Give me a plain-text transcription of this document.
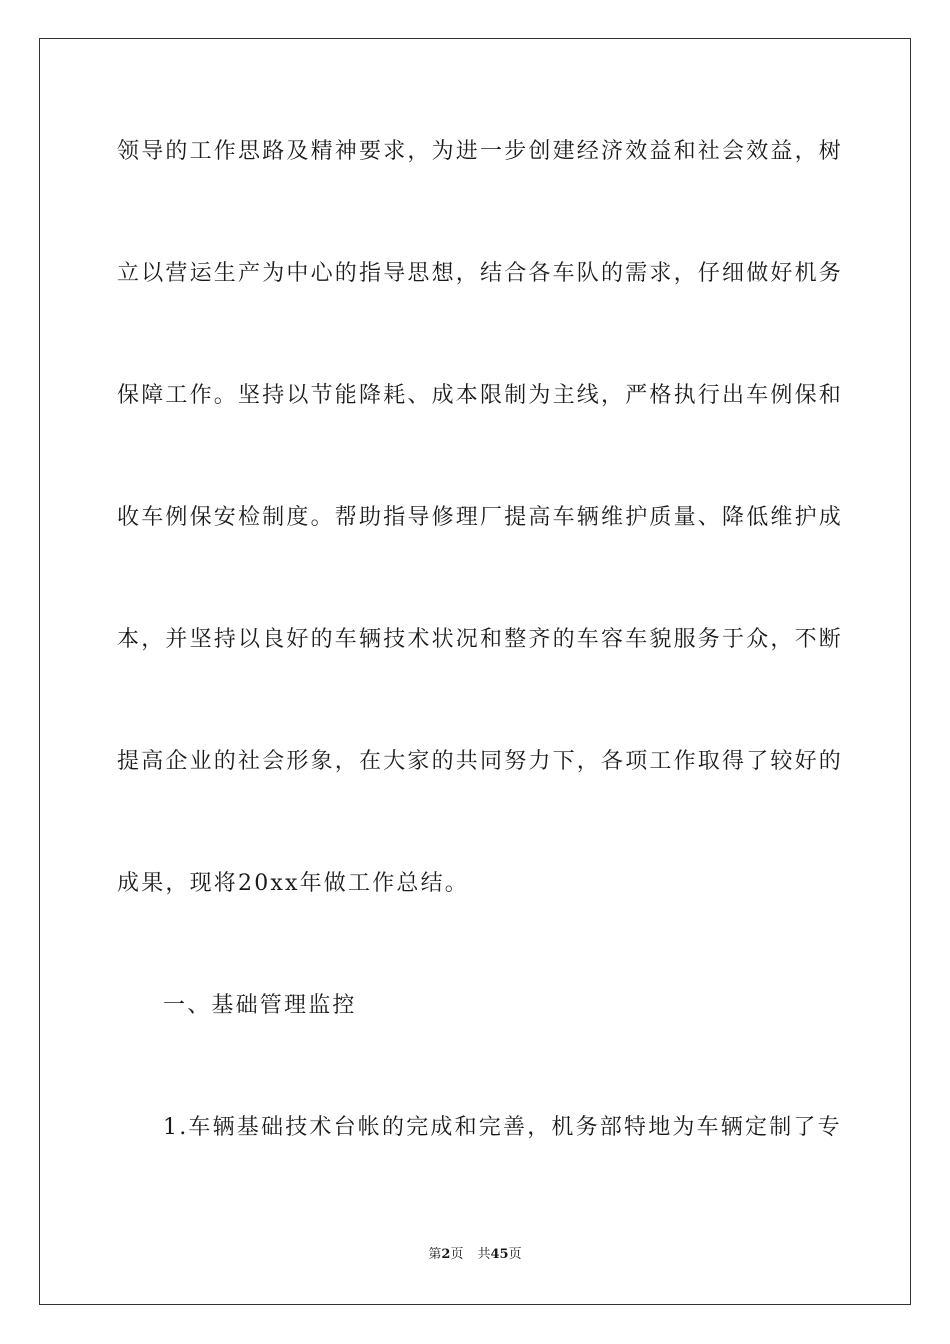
领导的工作思路及精神要求，为进一步创建经济效益和社会效益，树
立以营运生产为中心的指导思想，结合各车队的需求，仔细做好机务
保障工作。坚持以节能降耗、成本限制为主线，严格执行出车例保和
收车例保安检制度。帮助指导修理厂提高车辆维护质量、降低维护成
本，并坚持以良好的车辆技术状况和整齐的车容车貌服务于众，不断
提高企业的社会形象，在大家的共同努力下，各项工作取得了较好的
成果，现将20xx年做工作总结。
一、基础管理监控
1.车辆基础技术台帐的完成和完善，机务部特地为车辆定制了专
第2页 共45页
